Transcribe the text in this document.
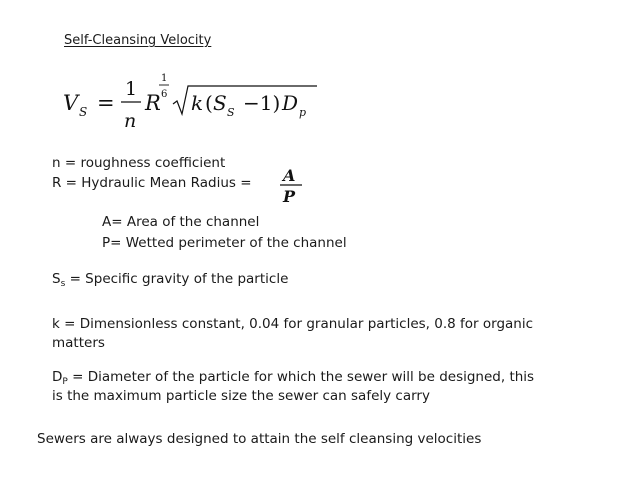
Self-Cleansing Velocity
V S =
1
n
R
1
6 k ( S S −1) D p
n = roughness coefficient
R = Hydraulic Mean Radius = A
P
A= Area of the channel
P= Wetted perimeter of the channel
$S_s$ = Specific gravity of the particle
k = Dimensionless constant, 0.04 for granular particles, 0.8 for organic
matters
$D_P$ = Diameter of the particle for which the sewer will be designed, this
is the maximum particle size the sewer can safely carry
Sewers are always designed to attain the self cleansing velocities
